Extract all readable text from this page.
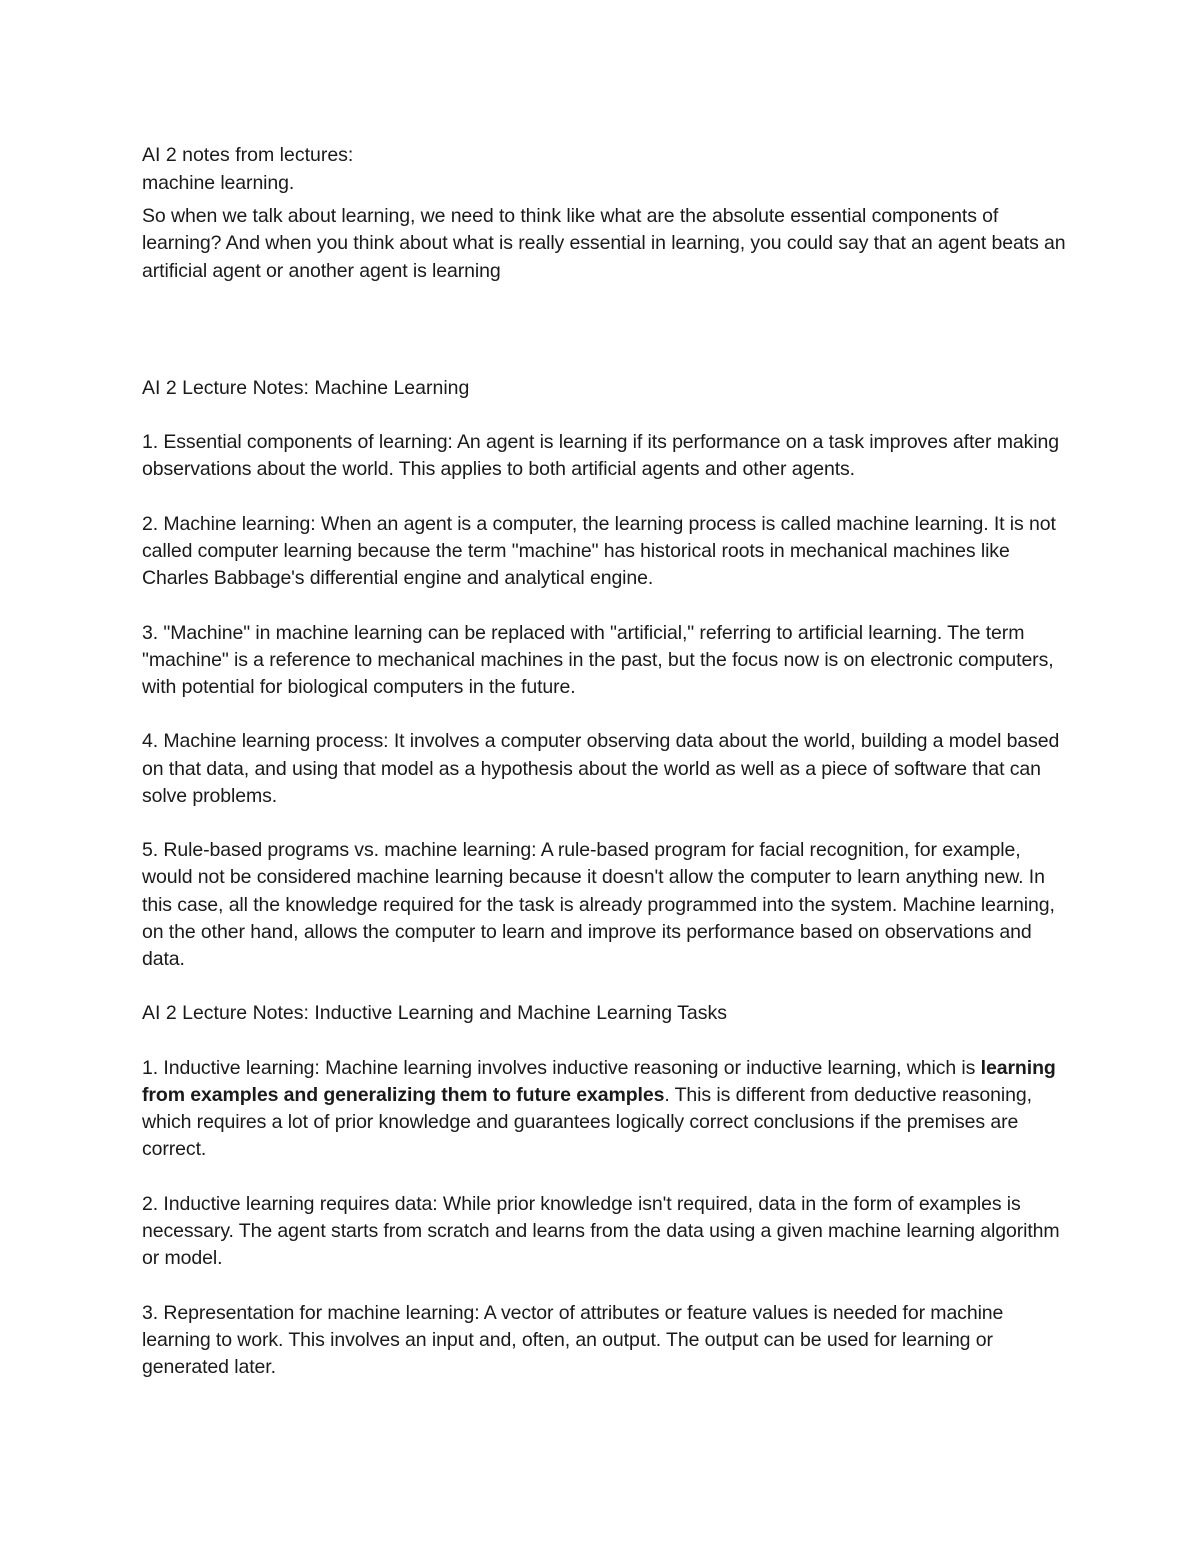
AI 2 notes from lectures:

machine learning.

So when we talk about learning, we need to think like what are the absolute essential components of learning? And when you think about what is really essential in learning, you could say that an agent beats an artificial agent or another agent is learning

AI 2 Lecture Notes: Machine Learning

1. Essential components of learning: An agent is learning if its performance on a task improves after making observations about the world. This applies to both artificial agents and other agents.

2. Machine learning: When an agent is a computer, the learning process is called machine learning. It is not called computer learning because the term "machine" has historical roots in mechanical machines like Charles Babbage's differential engine and analytical engine.

3. "Machine" in machine learning can be replaced with "artificial," referring to artificial learning. The term "machine" is a reference to mechanical machines in the past, but the focus now is on electronic computers, with potential for biological computers in the future.

4. Machine learning process: It involves a computer observing data about the world, building a model based on that data, and using that model as a hypothesis about the world as well as a piece of software that can solve problems.

5. Rule-based programs vs. machine learning: A rule-based program for facial recognition, for example, would not be considered machine learning because it doesn't allow the computer to learn anything new. In this case, all the knowledge required for the task is already programmed into the system. Machine learning, on the other hand, allows the computer to learn and improve its performance based on observations and data.

AI 2 Lecture Notes: Inductive Learning and Machine Learning Tasks

1. Inductive learning: Machine learning involves inductive reasoning or inductive learning, which is learning from examples and generalizing them to future examples. This is different from deductive reasoning, which requires a lot of prior knowledge and guarantees logically correct conclusions if the premises are correct.

2. Inductive learning requires data: While prior knowledge isn't required, data in the form of examples is necessary. The agent starts from scratch and learns from the data using a given machine learning algorithm or model.

3. Representation for machine learning: A vector of attributes or feature values is needed for machine learning to work. This involves an input and, often, an output. The output can be used for learning or generated later.
